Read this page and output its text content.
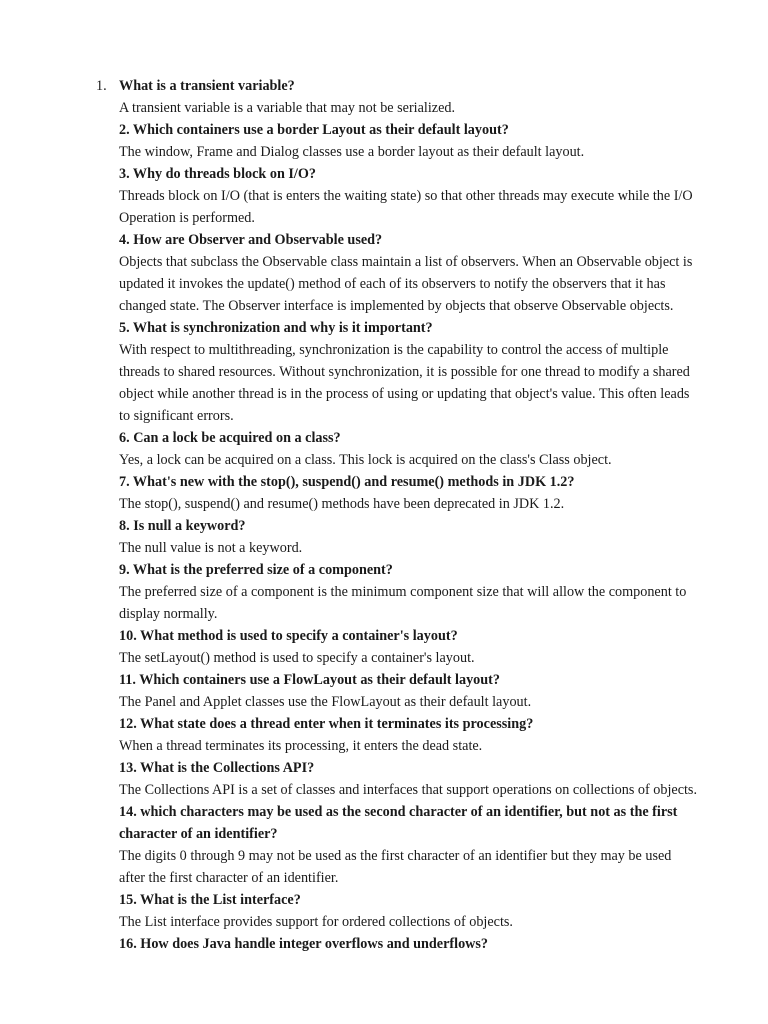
1. What is a transient variable?
A transient variable is a variable that may not be serialized.
2. Which containers use a border Layout as their default layout?
The window, Frame and Dialog classes use a border layout as their default layout.
3. Why do threads block on I/O?
Threads block on I/O (that is enters the waiting state) so that other threads may execute while the I/O Operation is performed.
4. How are Observer and Observable used?
Objects that subclass the Observable class maintain a list of observers. When an Observable object is updated it invokes the update() method of each of its observers to notify the observers that it has changed state. The Observer interface is implemented by objects that observe Observable objects.
5. What is synchronization and why is it important?
With respect to multithreading, synchronization is the capability to control the access of multiple threads to shared resources. Without synchronization, it is possible for one thread to modify a shared object while another thread is in the process of using or updating that object's value. This often leads to significant errors.
6. Can a lock be acquired on a class?
Yes, a lock can be acquired on a class. This lock is acquired on the class's Class object.
7. What's new with the stop(), suspend() and resume() methods in JDK 1.2?
The stop(), suspend() and resume() methods have been deprecated in JDK 1.2.
8. Is null a keyword?
The null value is not a keyword.
9. What is the preferred size of a component?
The preferred size of a component is the minimum component size that will allow the component to display normally.
10. What method is used to specify a container's layout?
The setLayout() method is used to specify a container's layout.
11. Which containers use a FlowLayout as their default layout?
The Panel and Applet classes use the FlowLayout as their default layout.
12. What state does a thread enter when it terminates its processing?
When a thread terminates its processing, it enters the dead state.
13. What is the Collections API?
The Collections API is a set of classes and interfaces that support operations on collections of objects.
14. which characters may be used as the second character of an identifier, but not as the first character of an identifier?
The digits 0 through 9 may not be used as the first character of an identifier but they may be used after the first character of an identifier.
15. What is the List interface?
The List interface provides support for ordered collections of objects.
16. How does Java handle integer overflows and underflows?
